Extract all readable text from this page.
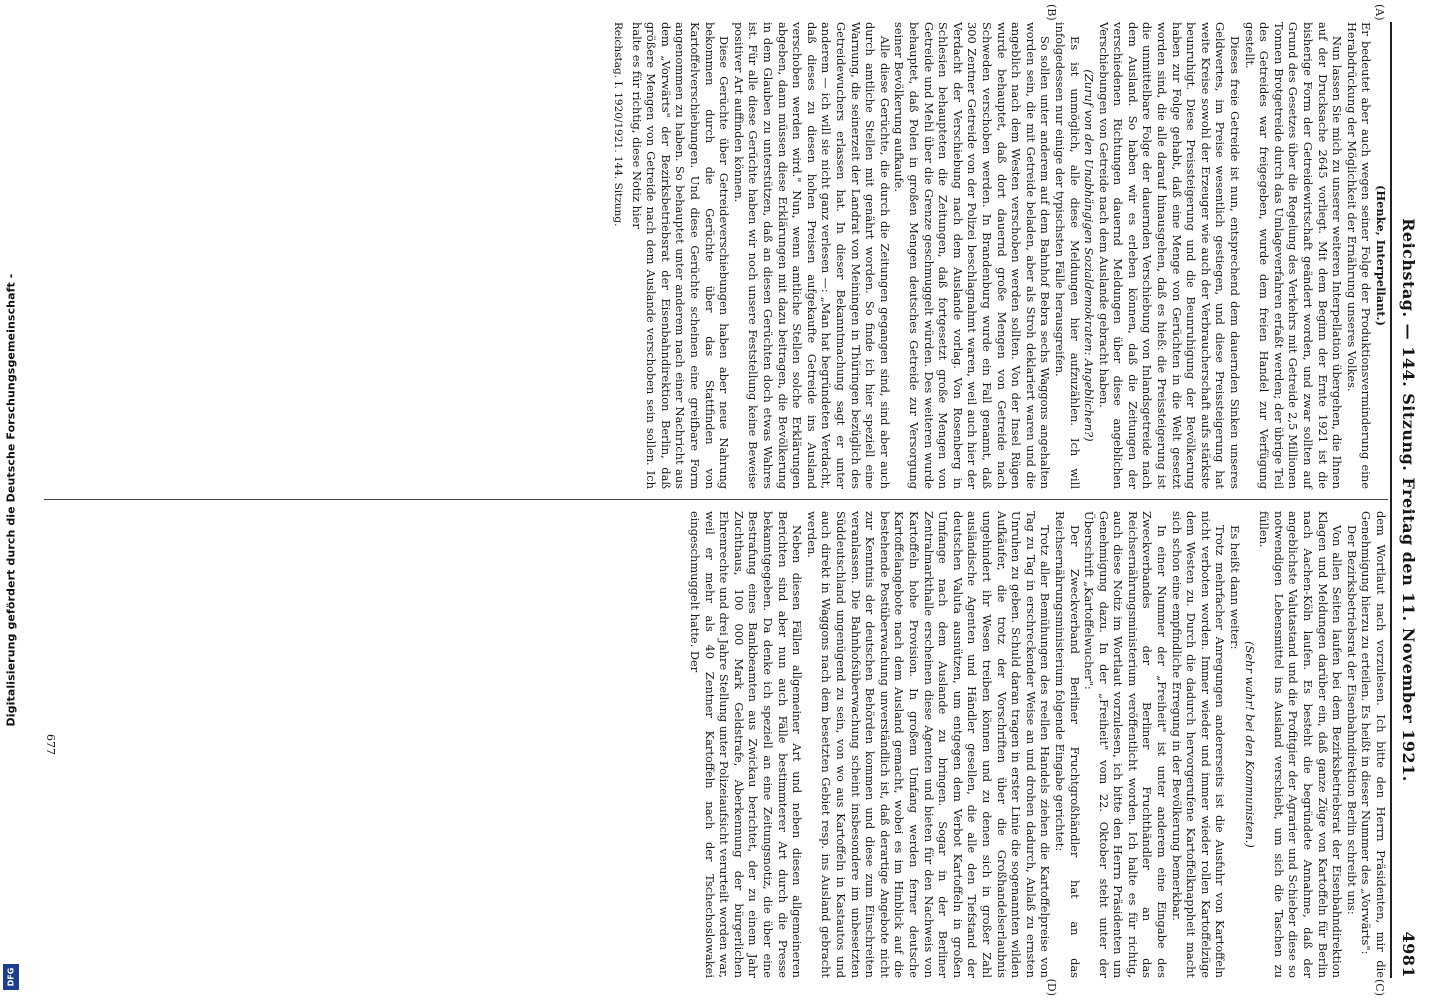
Digitalisierung gefördert durch die Deutsche Forschungsgemeinschaft -
DFG
Reichstag. — 144. Sitzung. Freitag den 11. November 1921.
4981
(A)
(B)

(Henke, Interpellant.)

Er bedeutet aber auch wegen seiner Folge der Produktionsverminderung eine Herabdrückung der Möglichkeit der Ernährung unseres Volkes.

Nun lassen Sie mich zu unserer weiteren Interpellation übergehen, die Ihnen auf der Drucksache 2645 vorliegt. Mit dem Beginn der Ernte 1921 ist die bisherige Form der Getreidewirtschaft geändert worden, und zwar sollten auf Grund des Gesetzes über die Regelung des Verkehrs mit Getreide 2,5 Millionen Tonnen Brotgetreide durch das Umlageverfahren erfaßt werden; der übrige Teil des Getreides war freigegeben, wurde dem freien Handel zur Verfügung gestellt.

Dieses freie Getreide ist nun, entsprechend dem dauernden Sinken unseres Geldwertes, im Preise wesentlich gestiegen, und diese Preissteigerung hat weite Kreise sowohl der Erzeuger wie auch der Verbraucherschaft aufs stärkste beunruhigt. Diese Preissteigerung und die Beunruhigung der Bevölkerung haben zur Folge gehabt, daß eine Menge von Gerüchten in die Welt gesetzt worden sind, die alle darauf hinausgehen, daß es hieß: die Preissteigerung ist die unmittelbare Folge der dauernden Verschiebung von Inlandsgetreide nach dem Ausland. So haben wir es erleben können, daß die Zeitungen der verschiedenen Richtungen dauernd Meldungen über diese angeblichen Verschiebungen von Getreide nach dem Auslande gebracht haben.

(Zuruf von den Unabhängigen Sozialdemokraten: Angeblichen?)

Es ist unmöglich, alle diese Meldungen hier aufzuzählen. Ich will infolgedessen nur einige der typischsten Fälle herausgreifen.

So sollen unter anderem auf dem Bahnhof Bebra sechs Waggons angehalten worden sein, die mit Getreide beladen, aber als Stroh deklariert waren und die angeblich nach dem Westen verschoben werden sollten. Von der Insel Rügen wurde behauptet, daß dort dauernd große Mengen von Getreide nach Schweden verschoben werden. In Brandenburg wurde ein Fall genannt, daß 300 Zentner Getreide von der Polizei beschlagnahmt waren, weil auch hier der Verdacht der Verschiebung nach dem Auslande vorlag. Von Rosenberg in Schlesien behaupteten die Zeitungen, daß fortgesetzt große Mengen von Getreide und Mehl über die Grenze geschmuggelt würden. Des weiteren wurde behauptet, daß Polen in großen Mengen deutsches Getreide zur Versorgung seiner Bevölkerung aufkaufe.

Alle diese Gerüchte, die durch die Zeitungen gegangen sind, sind aber auch durch amtliche Stellen mit genährt worden. So finde ich hier speziell eine Warnung, die seinerzeit der Landrat von Meiningen in Thüringen bezüglich des Getreidewuchers erlassen hat. In dieser Bekanntmachung sagt er unter anderem — ich will sie nicht ganz verlesen —: „Man hat begründeten Verdacht, daß dieses zu diesen hohen Preisen aufgekaufte Getreide ins Ausland verschoben werden wird." Nun, wenn amtliche Stellen solche Erklärungen abgeben, dann müssen diese Erklärungen mit dazu beitragen, die Bevölkerung in dem Glauben zu unterstützen, daß an diesen Gerüchten doch etwas Wahres ist. Für alle diese Gerüchte haben wir noch unsere Feststellung keine Beweise positiver Art auffinden können.

Diese Gerüchte über Getreideverschiebungen haben aber neue Nahrung bekommen durch die Gerüchte über das Stattfinden von Kartoffelverschiebungen. Und diese Gerüchte scheinen eine greifbare Form angenommen zu haben. So behauptet unter anderem nach einer Nachricht aus dem „Vorwärts" der Bezirksbetriebsrat der Eisenbahndirektion Berlin, daß größere Mengen von Getreide nach dem Auslande verschoben sein sollen. Ich halte es für richtig, diese Notiz hier

Reichstag. I. 1920/1921. 144. Sitzung.

(C)
(D)

dem Wortlaut nach vorzulesen. Ich bitte den Herrn Präsidenten, mir die Genehmigung hierzu zu erteilen. Es heißt in dieser Nummer des „Vorwärts":

Der Bezirksbetriebsrat der Eisenbahndirektion Berlin schreibt uns:

Von allen Seiten laufen bei dem Bezirksbetriebsrat der Eisenbahndirektion Klagen und Meldungen darüber ein, daß ganze Züge von Kartoffeln für Berlin nach Aachen-Köln laufen. Es besteht die begründete Annahme, daß der angeblichste Valutastand und die Profitgier der Agrarier und Schieber diese so notwendigen Lebensmittel ins Ausland verschiebt, um sich die Taschen zu füllen.

(Sehr wahr! bei den Kommunisten.)

Es heißt dann weiter:

Trotz mehrfacher Anregungen andererseits ist die Ausfuhr von Kartoffeln nicht verboten worden. Immer wieder und immer wieder rollen Kartoffelzüge dem Westen zu. Durch die dadurch hervorgerufene Kartoffelknappheit macht sich schon eine empfindliche Erregung in der Bevölkerung bemerkbar.

In einer Nummer der „Freiheit" ist unter anderem eine Eingabe des Zweckverbandes der Berliner Fruchthändler an das Reichsernährungsministerium veröffentlicht worden. Ich halte es für richtig, auch diese Notiz im Wortlaut vorzulesen, ich bitte den Herrn Präsidenten um Genehmigung dazu. In der „Freiheit" vom 22. Oktober steht unter der Überschrift „Kartoffelwucher":

Der Zweckverband Berliner Fruchtgroßhändler hat an das Reichsernährungsministerium folgende Eingabe gerichtet:

Trotz aller Bemühungen des reellen Handels ziehen die Kartoffelpreise von Tag zu Tag in erschreckender Weise an und drohen dadurch, Anlaß zu ernsten Unruhen zu geben. Schuld daran tragen in erster Linie die sogenannten wilden Aufkäufer, die trotz der Vorschriften über die Großhandelserlaubnis ungehindert ihr Wesen treiben können und zu denen sich in großer Zahl ausländische Agenten und Händler gesellen, die alle den Tiefstand der deutschen Valuta ausnützen, um entgegen dem Verbot Kartoffeln in großen Umfange nach dem Auslande zu bringen. Sogar in der Berliner Zentralmarkthalle erscheinen diese Agenten und bieten für den Nachweis von Kartoffeln hohe Provision. In großem Umfang werden ferner deutsche Kartoffelangebote nach dem Ausland gemacht, wobei es im Hinblick auf die bestehende Postüberwachung unverständlich ist, daß derartige Angebote nicht zur Kenntnis der deutschen Behörden kommen und diese zum Einschreiten veranlassen. Die Bahnhofsüberwachung scheint insbesondere im unbesetzten Süddeutschland ungenügend zu sein, von wo aus Kartoffeln in Kastautos und auch direkt in Waggons nach dem besetzten Gebiet resp. ins Ausland gebracht werden.

Neben diesen Fällen allgemeiner Art und neben diesen allgemeineren Berichten sind aber nun auch Fälle bestimmterer Art durch die Presse bekanntgegeben. Da denke ich speziell an eine Zeitungsnotiz, die über eine Bestrafung eines Bankbeamten aus Zwickau berichtet, der zu einem Jahr Zuchthaus, 100 000 Mark Geldstrafe, Aberkennung der bürgerlichen Ehrenrechte und drei Jahre Stellung unter Polizeiaufsicht verurteilt worden war, weil er mehr als 40 Zentner Kartoffeln nach der Tschechoslowakei eingeschmuggelt hatte. Der

677
